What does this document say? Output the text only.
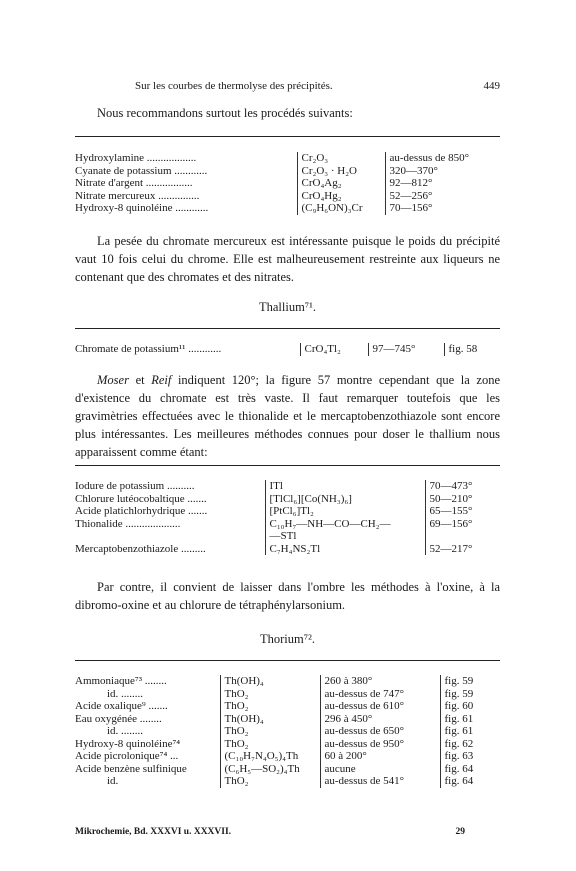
Sur les courbes de thermolyse des précipités.	449

Nous recommandons surtout les procédés suivants:

Hydroxylamine ..................	Cr₂O₃	au-dessus de 850°
Cyanate de potassium ............	Cr₂O₃ · H₂O	320—370°
Nitrate d'argent .................	CrO₄Ag₂	92—812°
Nitrate mercureux ...............	CrO₄Hg₂	52—256°
Hydroxy-8 quinoléine ............	(C₉H₆ON)₃Cr	70—156°

La pesée du chromate mercureux est intéressante puisque le poids du précipité vaut 10 fois celui du chrome. Elle est malheureusement restreinte aux liqueurs ne contenant que des chromates et des nitrates.

Thallium⁷¹.
Chromate de potassium¹¹ ............	CrO₄Tl₂	97—745°	fig. 58

Moser et Reif indiquent 120°; la figure 57 montre cependant que la zone d'existence du chromate est très vaste. Il faut remarquer toutefois que les gravimètries effectuées avec le thionalide et le mercaptobenzothiazole sont encore plus intéressantes. Les meilleures méthodes connues pour doser le thallium nous apparaissent comme étant:

Iodure de potassium ..........	ITl	70—473°
Chlorure lutéocobaltique .......	[TlCl₆][Co(NH₃)₆]	50—210°
Acide platichlorhydrique .......	[PtCl₆]Tl₂	65—155°
Thionalide ....................	C₁₀H₇—NH—CO—CH₂—	69—156°
	—STl	
Mercaptobenzothiazole .........	C₇H₄NS₂Tl	52—217°

Par contre, il convient de laisser dans l'ombre les méthodes à l'oxine, à la dibromo-oxine et au chlorure de tétraphénylarsonium.

Thorium⁷².
Ammoniaque⁷³ ........	Th(OH)₄	260 à 380°	fig. 59
id. ........	ThO₂	au-dessus de 747°	fig. 59
Acide oxalique⁹ .......	ThO₂	au-dessus de 610°	fig. 60
Eau oxygénée ........	Th(OH)₄	296 à 450°	fig. 61
id. ........	ThO₂	au-dessus de 650°	fig. 61
Hydroxy-8 quinoléine⁷⁴	ThO₂	au-dessus de 950°	fig. 62
Acide picrolonique⁷⁴ ...	(C₁₀H₇N₄O₅)₄Th	60 à 200°	fig. 63
Acide benzène sulfinique	(C₆H₅—SO₂)₄Th	aucune	fig. 64
id.	ThO₂	au-dessus de 541°	fig. 64
Mikrochemie, Bd. XXXVI u. XXXVII.	29
